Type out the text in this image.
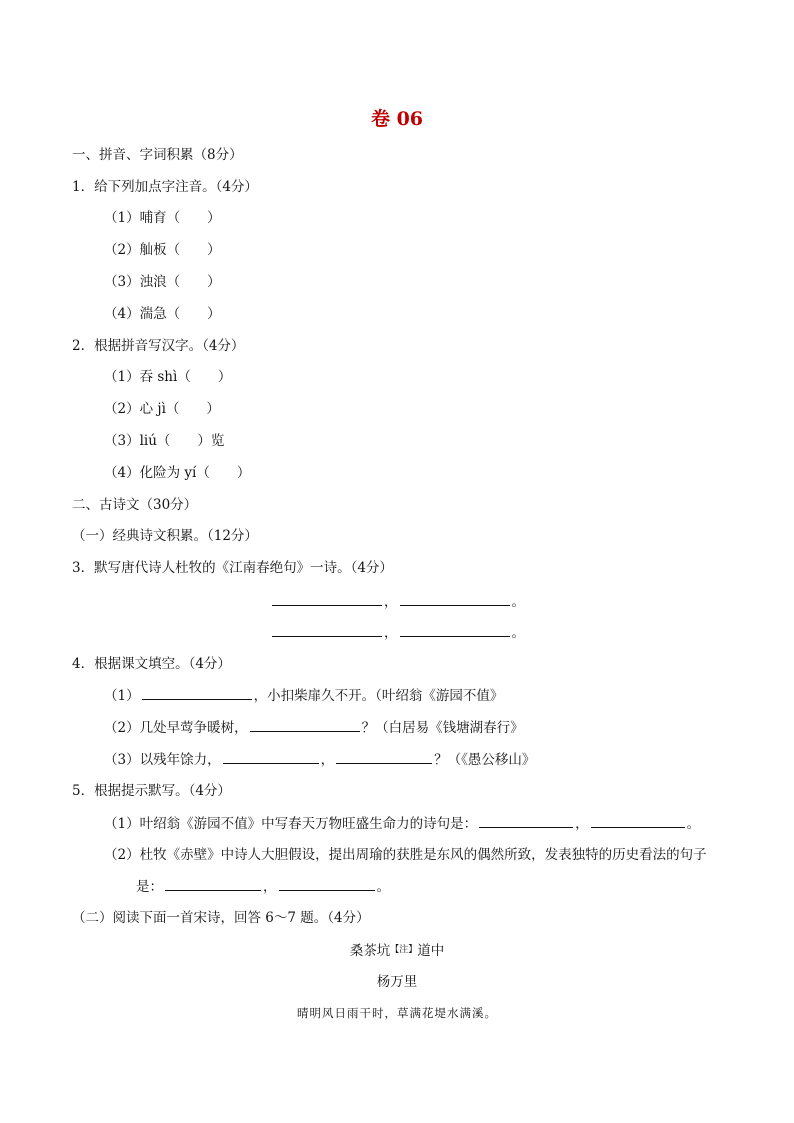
卷 06
一、拼音、字词积累（8分）
1．给下列加点字注音。（4分）
（1）哺育（　　）
（2）舢板（　　）
（3）浊浪（　　）
（4）湍急（　　）
2．根据拼音写汉字。（4分）
（1）吞 shì（　　）
（2）心 jì（　　）
（3）liú（　　）览
（4）化险为 yí（　　）
二、古诗文（30分）
（一）经典诗文积累。（12分）
3．默写唐代诗人杜牧的《江南春绝句》一诗。（4分）
，	。
，	。
4．根据课文填空。（4分）
（1）	，小扣柴扉久不开。（叶绍翁《游园不值》
（2）几处早莺争暖树，	？（白居易《钱塘湖春行》
（3）以残年馀力，	，	？（《愚公移山》
5．根据提示默写。（4分）
（1）叶绍翁《游园不值》中写春天万物旺盛生命力的诗句是：	，	。
（2）杜牧《赤壁》中诗人大胆假设，提出周瑜的获胜是东风的偶然所致，发表独特的历史看法的句子
是：	，	。
（二）阅读下面一首宋诗，回答 6～7 题。（4分）
桑茶坑$^{【注】}$道中
杨万里
晴明风日雨干时，草满花堤水满溪。
